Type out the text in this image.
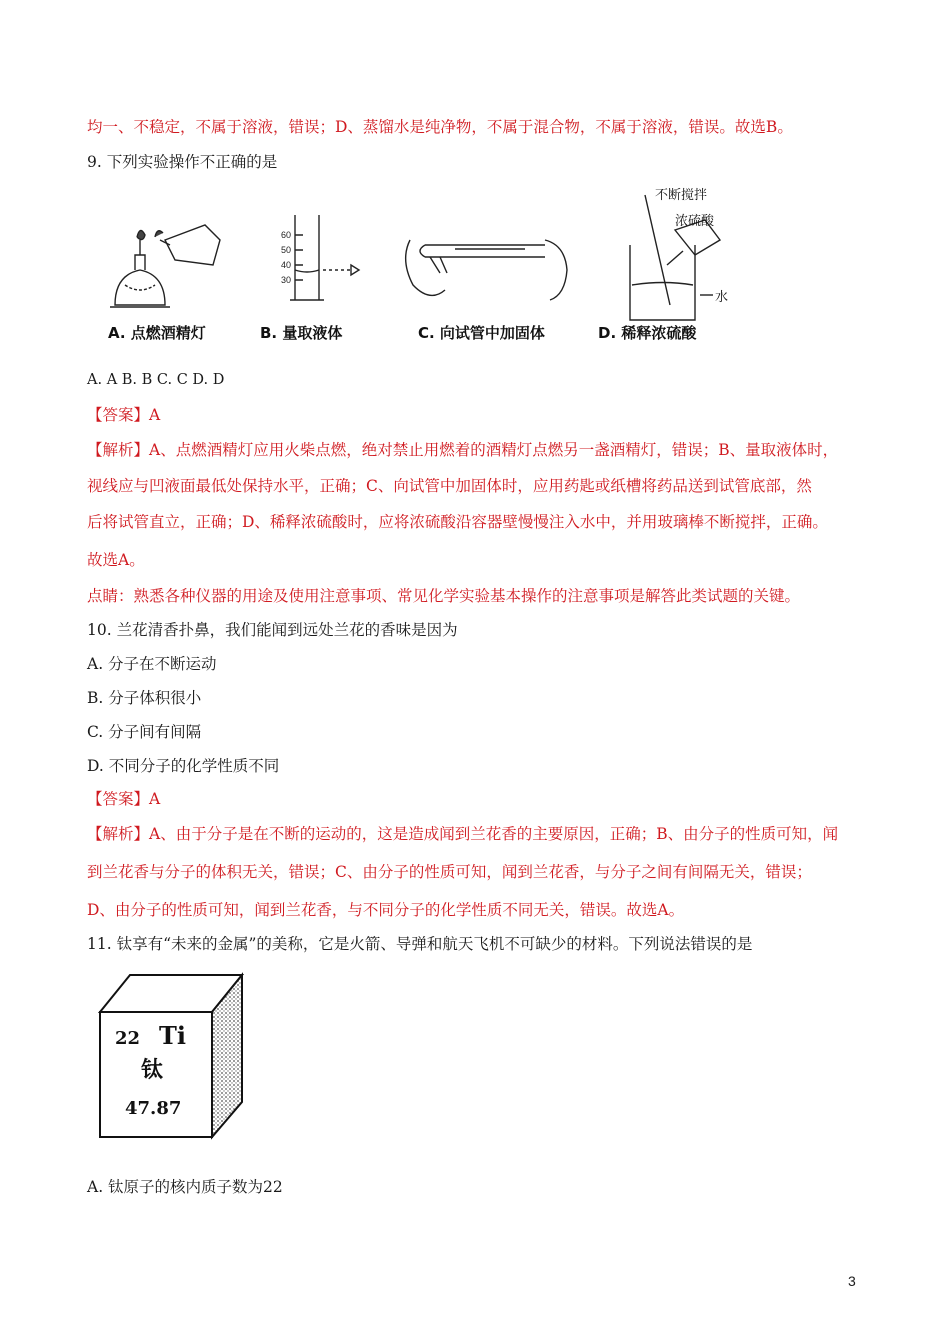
均一、不稳定，不属于溶液，错误；D、蒸馏水是纯净物，不属于混合物，不属于溶液，错误。故选B。
9. 下列实验操作不正确的是
60
50
40
30
不断搅拌
浓硫酸
水
A. 点燃酒精灯	B. 量取液体	C. 向试管中加固体	D. 稀释浓硫酸
A. A B. B C. C D. D
【答案】A
【解析】A、点燃酒精灯应用火柴点燃，绝对禁止用燃着的酒精灯点燃另一盏酒精灯，错误；B、量取液体时，
视线应与凹液面最低处保持水平，正确；C、向试管中加固体时，应用药匙或纸槽将药品送到试管底部，然
后将试管直立，正确；D、稀释浓硫酸时，应将浓硫酸沿容器壁慢慢注入水中，并用玻璃棒不断搅拌，正确。
故选A。
点睛：熟悉各种仪器的用途及使用注意事项、常见化学实验基本操作的注意事项是解答此类试题的关键。
10. 兰花清香扑鼻，我们能闻到远处兰花的香味是因为
A. 分子在不断运动
B. 分子体积很小
C. 分子间有间隔
D. 不同分子的化学性质不同
【答案】A
【解析】A、由于分子是在不断的运动的，这是造成闻到兰花香的主要原因，正确；B、由分子的性质可知，闻
到兰花香与分子的体积无关，错误；C、由分子的性质可知，闻到兰花香，与分子之间有间隔无关，错误；
D、由分子的性质可知，闻到兰花香，与不同分子的化学性质不同无关，错误。故选A。
11. 钛享有“未来的金属”的美称，它是火箭、导弹和航天飞机不可缺少的材料。下列说法错误的是
22 Ti
钛
47.87
A. 钛原子的核内质子数为22
3
